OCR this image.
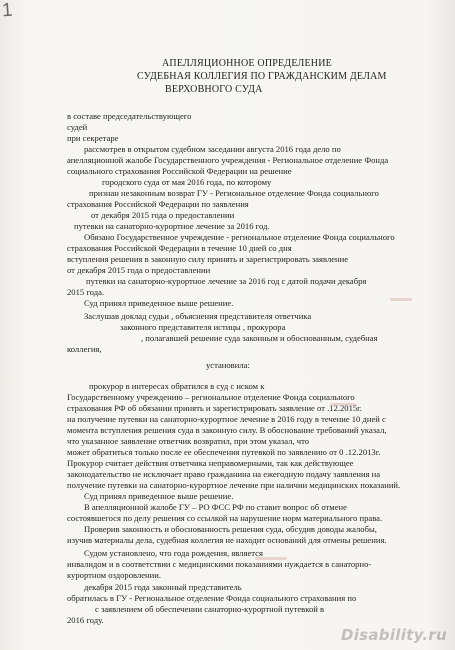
1
АПЕЛЛЯЦИОННОЕ ОПРЕДЕЛЕНИЕ
СУДЕБНАЯ КОЛЛЕГИЯ ПО ГРАЖДАНСКИМ ДЕЛАМ
ВЕРХОВНОГО СУДА
в составе председательствующего
судей
при секретаре
рассмотрев в открытом судебном заседании августа 2016 года дело по
апелляционной жалобе Государственного учреждения - Региональное отделение Фонда
социального страхования Российской Федерации на решение
городского суда от мая 2016 года, по которому
признан незаконным возврат ГУ - Региональное отделение Фонда социального
страхования Российской Федерации по заявления
от декабря 2015 года о предоставлении
путевки на санаторно-курортное лечение за 2016 год.
Обязано Государственное учреждение - региональное отделение Фонда социального
страхования Российской Федерации в течение 10 дней со дня
вступления решения в законную силу принять и зарегистрировать заявление
от декабря 2015 года о предоставлении
путевки на санаторно-курортное лечение за 2016 год с датой подачи декабря
2015 года.
Суд принял приведенное выше решение.
Заслушав доклад судьи , объяснения представителя ответчика
законного представителя истицы , прокурора
, полагавшей решение суда законным и обоснованным, судебная
коллегия,
установила:
прокурор в интересах обратился в суд с иском к
Государственному учреждению – региональное отделение Фонда социального
страхования РФ об обязании принять и зарегистрировать заявление от .12.2015г.
на получение путевки на санаторно-курортное лечение в 2016 году в течение 10 дней с
момента вступления решения суда в законную силу. В обоснование требований указал,
что указанное заявление ответчик возвратил, при этом указал, что
может обратиться только после ее обеспечения путевкой по заявлению от 0 .12.2013г.
Прокурор считает действия ответчика неправомерными, так как действующее
законодательство не исключает право гражданина на ежегодную подачу заявления на
получение путевки на санаторно-курортное лечение при наличии медицинских показаний.
Суд принял приведенное выше решение.
В апелляционной жалобе ГУ – РО ФСС РФ по ставит вопрос об отмене
состоявшегося по делу решения со ссылкой на нарушение норм материального права.
Проверив законность и обоснованность решения суда, обсудив доводы жалобы,
изучив материалы дела, судебная коллегия не находит оснований для отмены решения.
Судом установлено, что года рождения, является
инвалидом и в соответствии с медицинскими показаниями нуждается в санаторно-
курортном оздоровлении.
декабря 2015 года законный представитель
обратилась в ГУ - Региональное отделение Фонда социального страхования по
с заявлением об обеспечении санаторно-курортной путевкой в
2016 году.
Disability.ru
